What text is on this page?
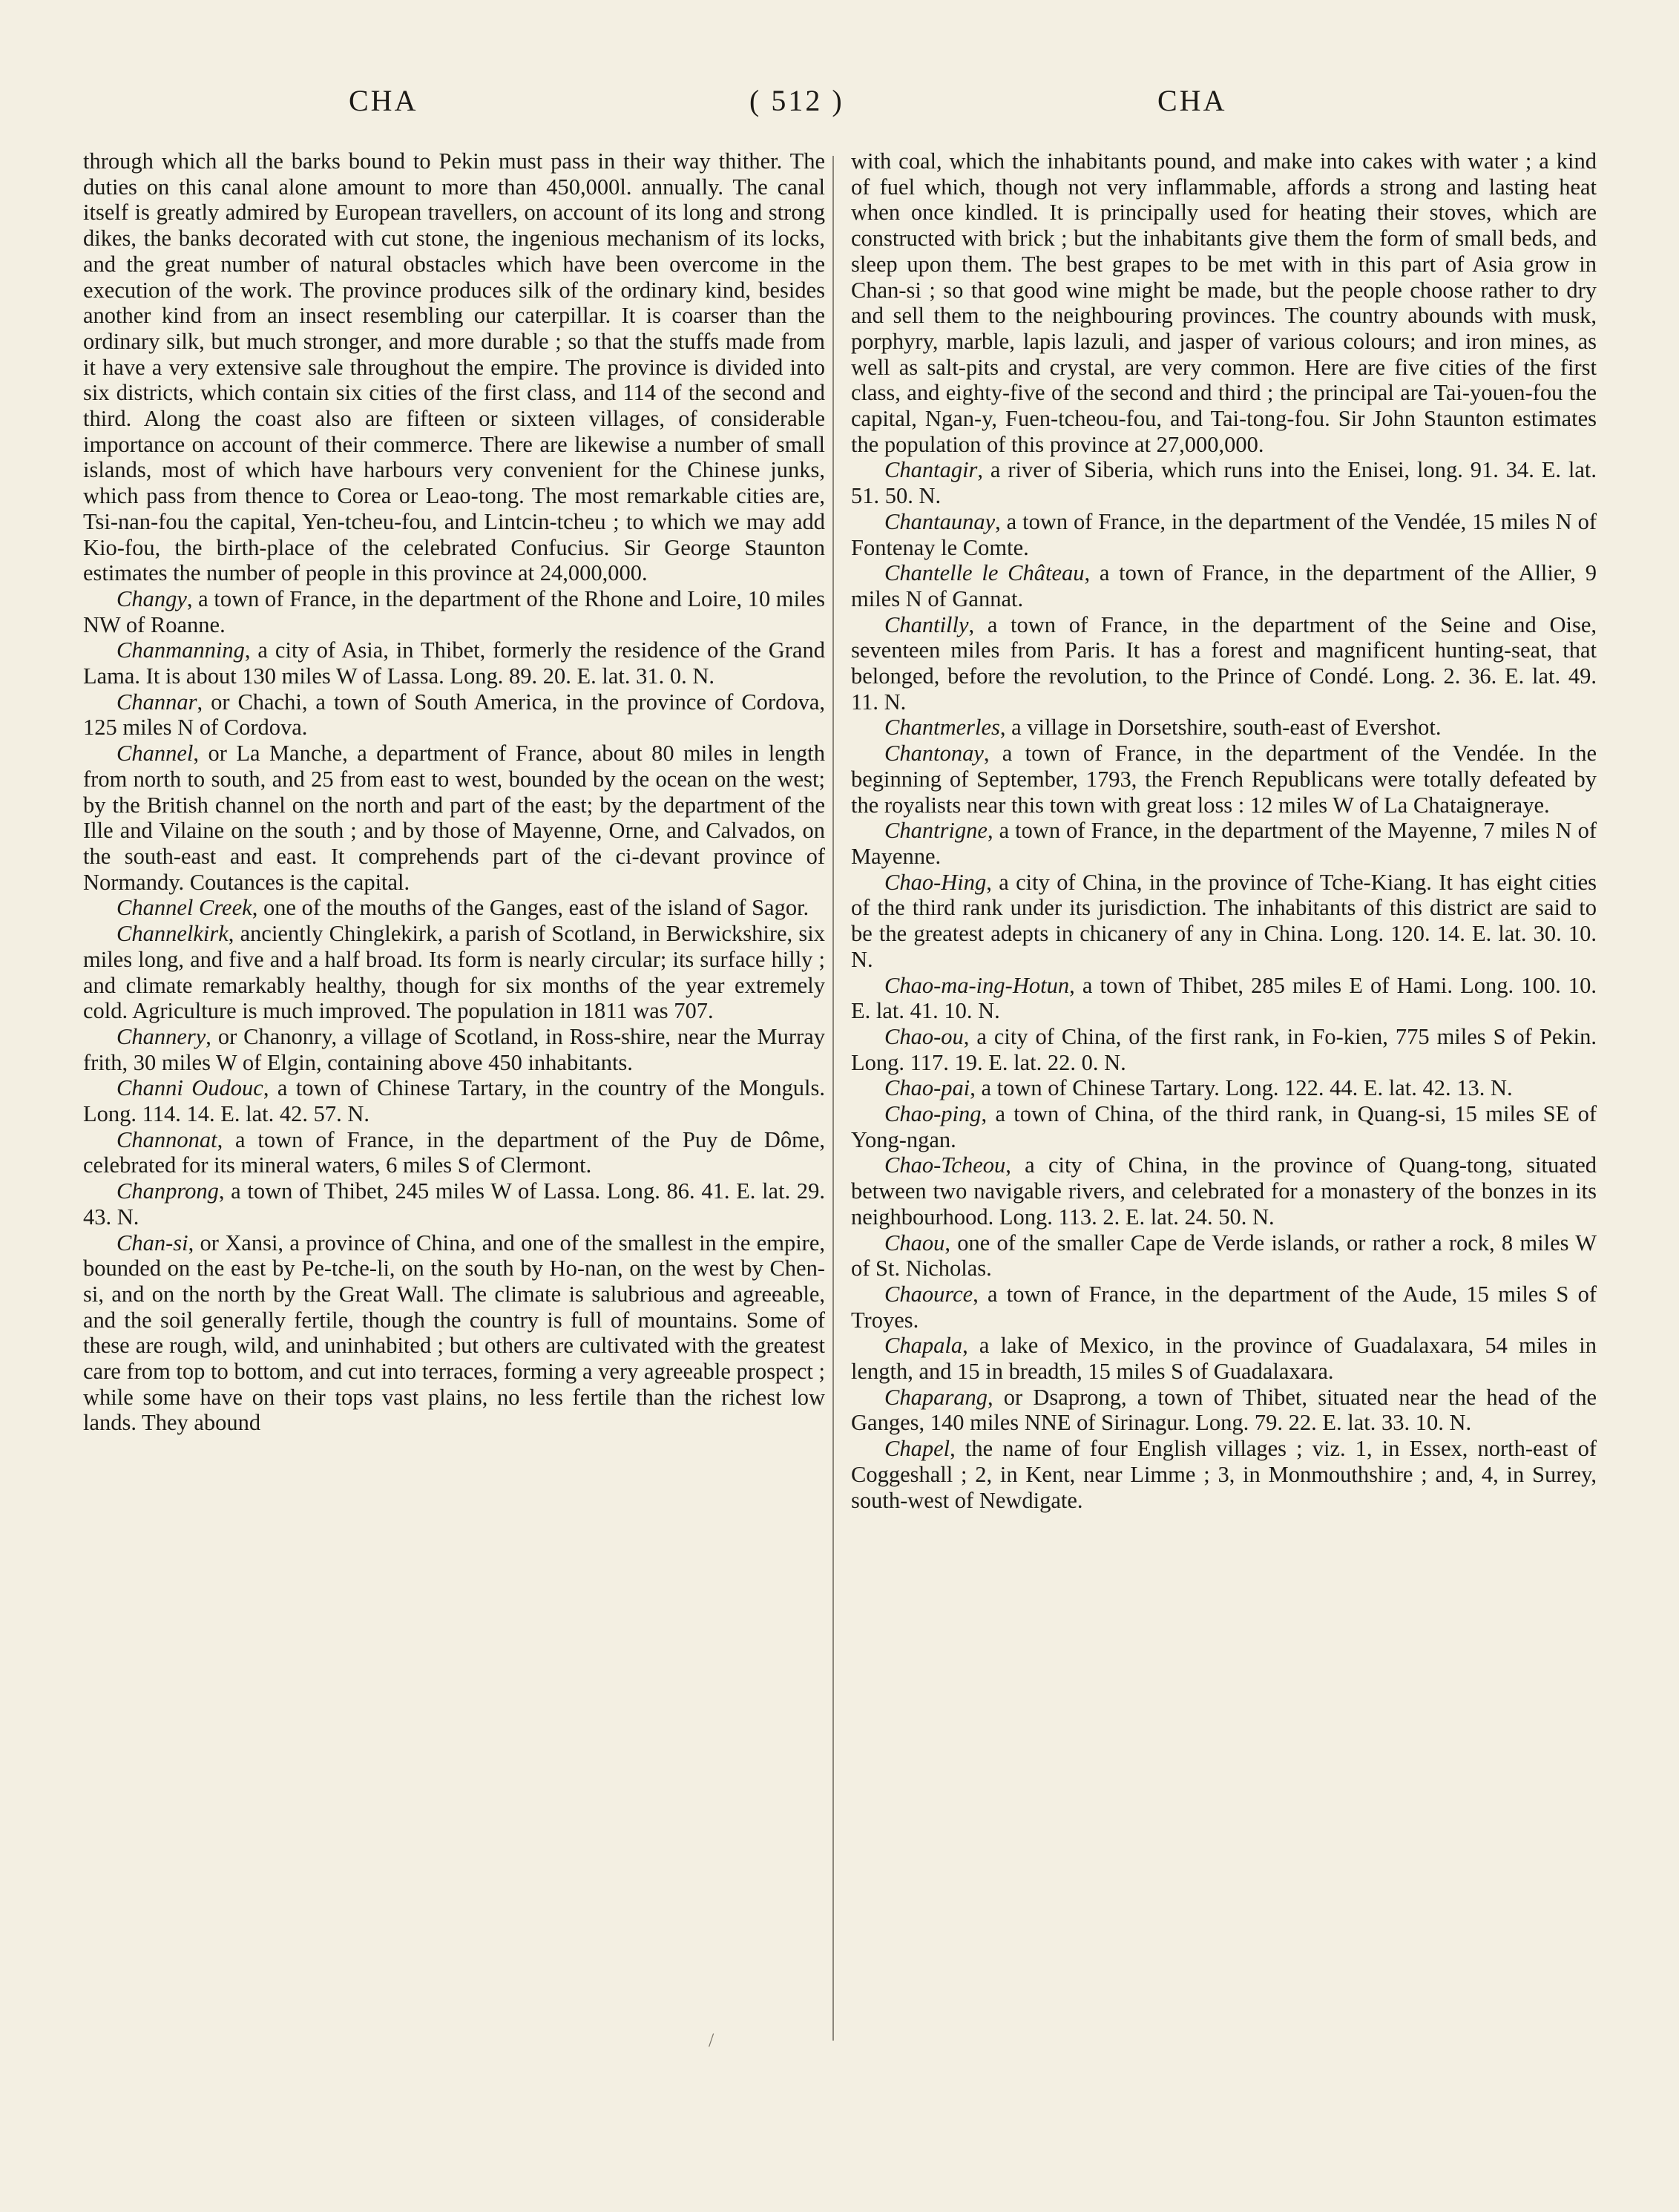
CHA	( 512 )	CHA

through which all the barks bound to Pekin must pass in their way thither. The duties on this canal alone amount to more than 450,000l. annually. The canal itself is greatly admired by European travellers, on account of its long and strong dikes, the banks decorated with cut stone, the ingenious mechanism of its locks, and the great number of natural obstacles which have been overcome in the execution of the work. The province produces silk of the ordinary kind, besides another kind from an insect resembling our caterpillar. It is coarser than the ordinary silk, but much stronger, and more durable ; so that the stuffs made from it have a very extensive sale throughout the empire. The province is divided into six districts, which contain six cities of the first class, and 114 of the second and third. Along the coast also are fifteen or sixteen villages, of considerable importance on account of their commerce. There are likewise a number of small islands, most of which have harbours very convenient for the Chinese junks, which pass from thence to Corea or Leao-tong. The most remarkable cities are, Tsi-nan-fou the capital, Yen-tcheu-fou, and Lintcin-tcheu ; to which we may add Kio-fou, the birth-place of the celebrated Confucius. Sir George Staunton estimates the number of people in this province at 24,000,000.

Changy, a town of France, in the department of the Rhone and Loire, 10 miles NW of Roanne.

Chanmanning, a city of Asia, in Thibet, formerly the residence of the Grand Lama. It is about 130 miles W of Lassa. Long. 89. 20. E. lat. 31. 0. N.

Channar, or Chachi, a town of South America, in the province of Cordova, 125 miles N of Cordova.

Channel, or La Manche, a department of France, about 80 miles in length from north to south, and 25 from east to west, bounded by the ocean on the west; by the British channel on the north and part of the east; by the department of the Ille and Vilaine on the south ; and by those of Mayenne, Orne, and Calvados, on the south-east and east. It comprehends part of the ci-devant province of Normandy. Coutances is the capital.

Channel Creek, one of the mouths of the Ganges, east of the island of Sagor.

Channelkirk, anciently Chinglekirk, a parish of Scotland, in Berwickshire, six miles long, and five and a half broad. Its form is nearly circular; its surface hilly ; and climate remarkably healthy, though for six months of the year extremely cold. Agriculture is much improved. The population in 1811 was 707.

Channery, or Chanonry, a village of Scotland, in Ross-shire, near the Murray frith, 30 miles W of Elgin, containing above 450 inhabitants.

Channi Oudouc, a town of Chinese Tartary, in the country of the Monguls. Long. 114. 14. E. lat. 42. 57. N.

Channonat, a town of France, in the department of the Puy de Dôme, celebrated for its mineral waters, 6 miles S of Clermont.

Chanprong, a town of Thibet, 245 miles W of Lassa. Long. 86. 41. E. lat. 29. 43. N.

Chan-si, or Xansi, a province of China, and one of the smallest in the empire, bounded on the east by Pe-tche-li, on the south by Ho-nan, on the west by Chen-si, and on the north by the Great Wall. The climate is salubrious and agreeable, and the soil generally fertile, though the country is full of mountains. Some of these are rough, wild, and uninhabited ; but others are cultivated with the greatest care from top to bottom, and cut into terraces, forming a very agreeable prospect ; while some have on their tops vast plains, no less fertile than the richest low lands. They abound

with coal, which the inhabitants pound, and make into cakes with water ; a kind of fuel which, though not very inflammable, affords a strong and lasting heat when once kindled. It is principally used for heating their stoves, which are constructed with brick ; but the inhabitants give them the form of small beds, and sleep upon them. The best grapes to be met with in this part of Asia grow in Chan-si ; so that good wine might be made, but the people choose rather to dry and sell them to the neighbouring provinces. The country abounds with musk, porphyry, marble, lapis lazuli, and jasper of various colours; and iron mines, as well as salt-pits and crystal, are very common. Here are five cities of the first class, and eighty-five of the second and third ; the principal are Tai-youen-fou the capital, Ngan-y, Fuen-tcheou-fou, and Tai-tong-fou. Sir John Staunton estimates the population of this province at 27,000,000.

Chantagir, a river of Siberia, which runs into the Enisei, long. 91. 34. E. lat. 51. 50. N.

Chantaunay, a town of France, in the department of the Vendée, 15 miles N of Fontenay le Comte.

Chantelle le Château, a town of France, in the department of the Allier, 9 miles N of Gannat.

Chantilly, a town of France, in the department of the Seine and Oise, seventeen miles from Paris. It has a forest and magnificent hunting-seat, that belonged, before the revolution, to the Prince of Condé. Long. 2. 36. E. lat. 49. 11. N.

Chantmerles, a village in Dorsetshire, south-east of Evershot.

Chantonay, a town of France, in the department of the Vendée. In the beginning of September, 1793, the French Republicans were totally defeated by the royalists near this town with great loss : 12 miles W of La Chataigneraye.

Chantrigne, a town of France, in the department of the Mayenne, 7 miles N of Mayenne.

Chao-Hing, a city of China, in the province of Tche-Kiang. It has eight cities of the third rank under its jurisdiction. The inhabitants of this district are said to be the greatest adepts in chicanery of any in China. Long. 120. 14. E. lat. 30. 10. N.

Chao-ma-ing-Hotun, a town of Thibet, 285 miles E of Hami. Long. 100. 10. E. lat. 41. 10. N.

Chao-ou, a city of China, of the first rank, in Fo-kien, 775 miles S of Pekin. Long. 117. 19. E. lat. 22. 0. N.

Chao-pai, a town of Chinese Tartary. Long. 122. 44. E. lat. 42. 13. N.

Chao-ping, a town of China, of the third rank, in Quang-si, 15 miles SE of Yong-ngan.

Chao-Tcheou, a city of China, in the province of Quang-tong, situated between two navigable rivers, and celebrated for a monastery of the bonzes in its neighbourhood. Long. 113. 2. E. lat. 24. 50. N.

Chaou, one of the smaller Cape de Verde islands, or rather a rock, 8 miles W of St. Nicholas.

Chaource, a town of France, in the department of the Aude, 15 miles S of Troyes.

Chapala, a lake of Mexico, in the province of Guadalaxara, 54 miles in length, and 15 in breadth, 15 miles S of Guadalaxara.

Chaparang, or Dsaprong, a town of Thibet, situated near the head of the Ganges, 140 miles NNE of Sirinagur. Long. 79. 22. E. lat. 33. 10. N.

Chapel, the name of four English villages ; viz. 1, in Essex, north-east of Coggeshall ; 2, in Kent, near Limme ; 3, in Monmouthshire ; and, 4, in Surrey, south-west of Newdigate.

/
